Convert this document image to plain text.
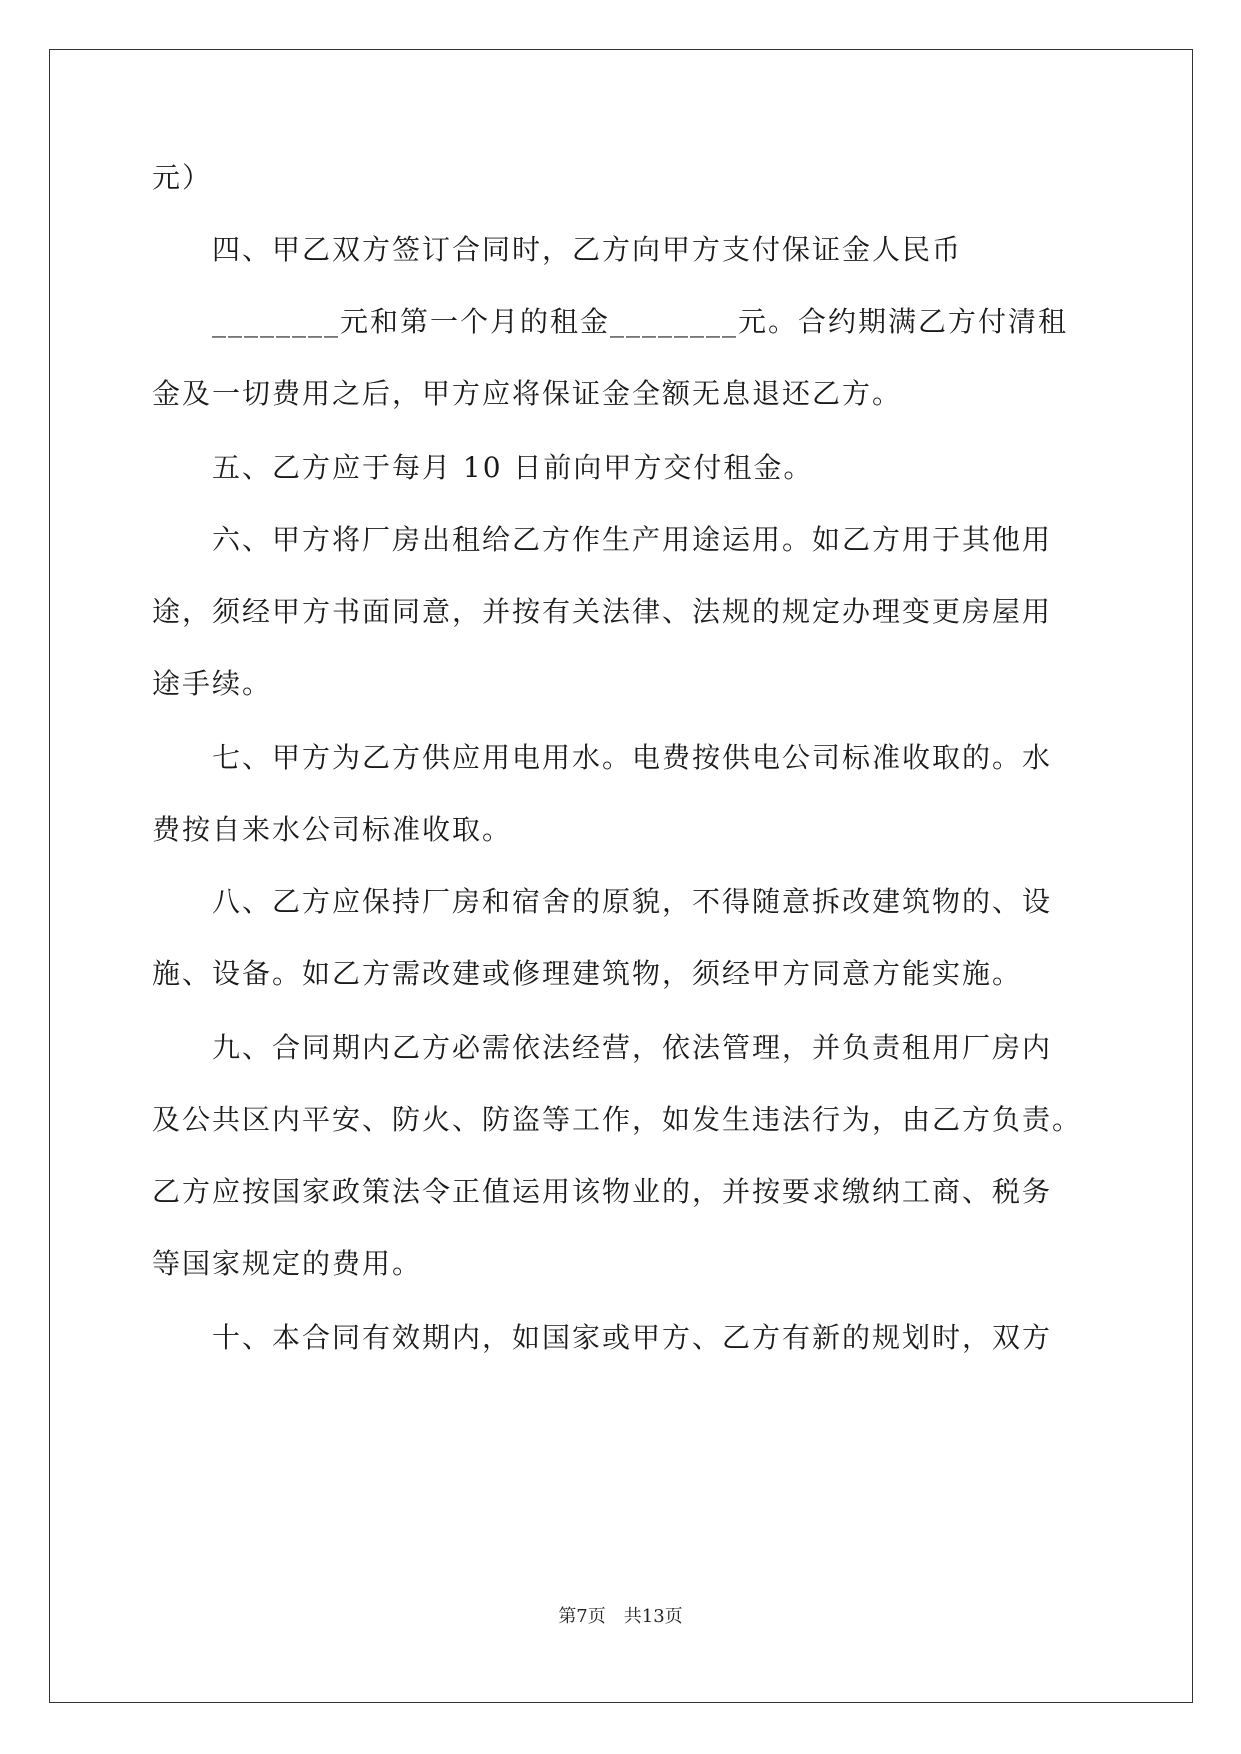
元）
　　四、甲乙双方签订合同时，乙方向甲方支付保证金人民币
　　________元和第一个月的租金________元。合约期满乙方付清租
金及一切费用之后，甲方应将保证金全额无息退还乙方。
　　五、乙方应于每月 10 日前向甲方交付租金。
　　六、甲方将厂房出租给乙方作生产用途运用。如乙方用于其他用
途，须经甲方书面同意，并按有关法律、法规的规定办理变更房屋用
途手续。
　　七、甲方为乙方供应用电用水。电费按供电公司标准收取的。水
费按自来水公司标准收取。
　　八、乙方应保持厂房和宿舍的原貌，不得随意拆改建筑物的、设
施、设备。如乙方需改建或修理建筑物，须经甲方同意方能实施。
　　九、合同期内乙方必需依法经营，依法管理，并负责租用厂房内
及公共区内平安、防火、防盗等工作，如发生违法行为，由乙方负责。
乙方应按国家政策法令正值运用该物业的，并按要求缴纳工商、税务
等国家规定的费用。
　　十、本合同有效期内，如国家或甲方、乙方有新的规划时，双方
第7页 共13页
